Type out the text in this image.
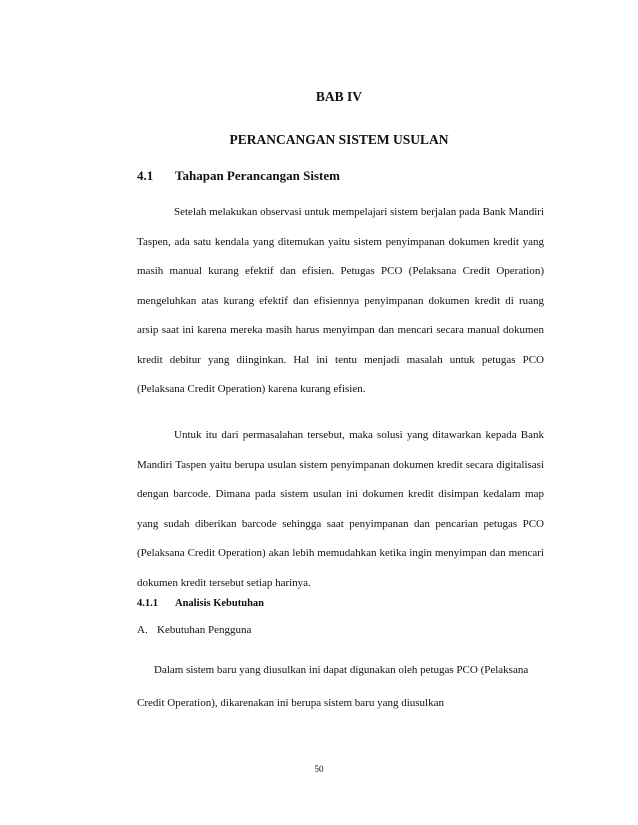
BAB IV
PERANCANGAN SISTEM USULAN
4.1 Tahapan Perancangan Sistem

Setelah melakukan observasi untuk mempelajari sistem berjalan pada Bank Mandiri Taspen, ada satu kendala yang ditemukan yaitu sistem penyimpanan dokumen kredit yang masih manual kurang efektif dan efisien. Petugas PCO (Pelaksana Credit Operation) mengeluhkan atas kurang efektif dan efisiennya penyimpanan dokumen kredit di ruang arsip saat ini karena mereka masih harus menyimpan dan mencari secara manual dokumen kredit debitur yang diinginkan. Hal ini tentu menjadi masalah untuk petugas PCO (Pelaksana Credit Operation) karena kurang efisien.

Untuk itu dari permasalahan tersebut, maka solusi yang ditawarkan kepada Bank Mandiri Taspen yaitu berupa usulan sistem penyimpanan dokumen kredit secara digitalisasi dengan barcode. Dimana pada sistem usulan ini dokumen kredit disimpan kedalam map yang sudah diberikan barcode sehingga saat penyimpanan dan pencarian petugas PCO (Pelaksana Credit Operation) akan lebih memudahkan ketika ingin menyimpan dan mencari dokumen kredit tersebut setiap harinya.

4.1.1 Analisis Kebutuhan

A. Kebutuhan Pengguna

Dalam sistem baru yang diusulkan ini dapat digunakan oleh petugas PCO (Pelaksana Credit Operation), dikarenakan ini berupa sistem baru yang diusulkan

50
